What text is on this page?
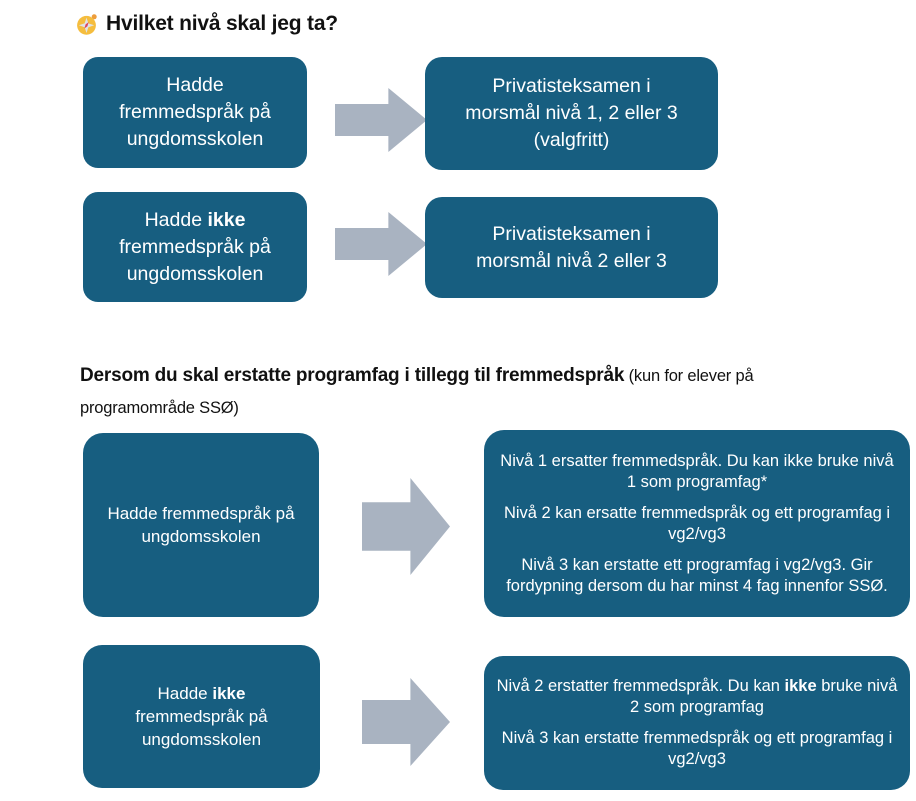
Hvilket nivå skal jeg ta?
Hadde
fremmedspråk på
ungdomsskolen
Privatisteksamen i
morsmål nivå 1, 2 eller 3
(valgfritt)
Hadde ikke
fremmedspråk på
ungdomsskolen
Privatisteksamen i
morsmål nivå 2 eller 3
Dersom du skal erstatte programfag i tillegg til fremmedspråk (kun for elever på programområde SSØ)
Hadde fremmedspråk på
ungdomsskolen
Nivå 1 ersatter fremmedspråk. Du kan ikke bruke nivå 1 som programfag*
Nivå 2 kan ersatte fremmedspråk og ett programfag i vg2/vg3
Nivå 3 kan erstatte ett programfag i vg2/vg3. Gir fordypning dersom du har minst 4 fag innenfor SSØ.
Hadde ikke
fremmedspråk på
ungdomsskolen
Nivå 2 erstatter fremmedspråk. Du kan ikke bruke nivå 2 som programfag
Nivå 3 kan erstatte fremmedspråk og ett programfag i vg2/vg3
